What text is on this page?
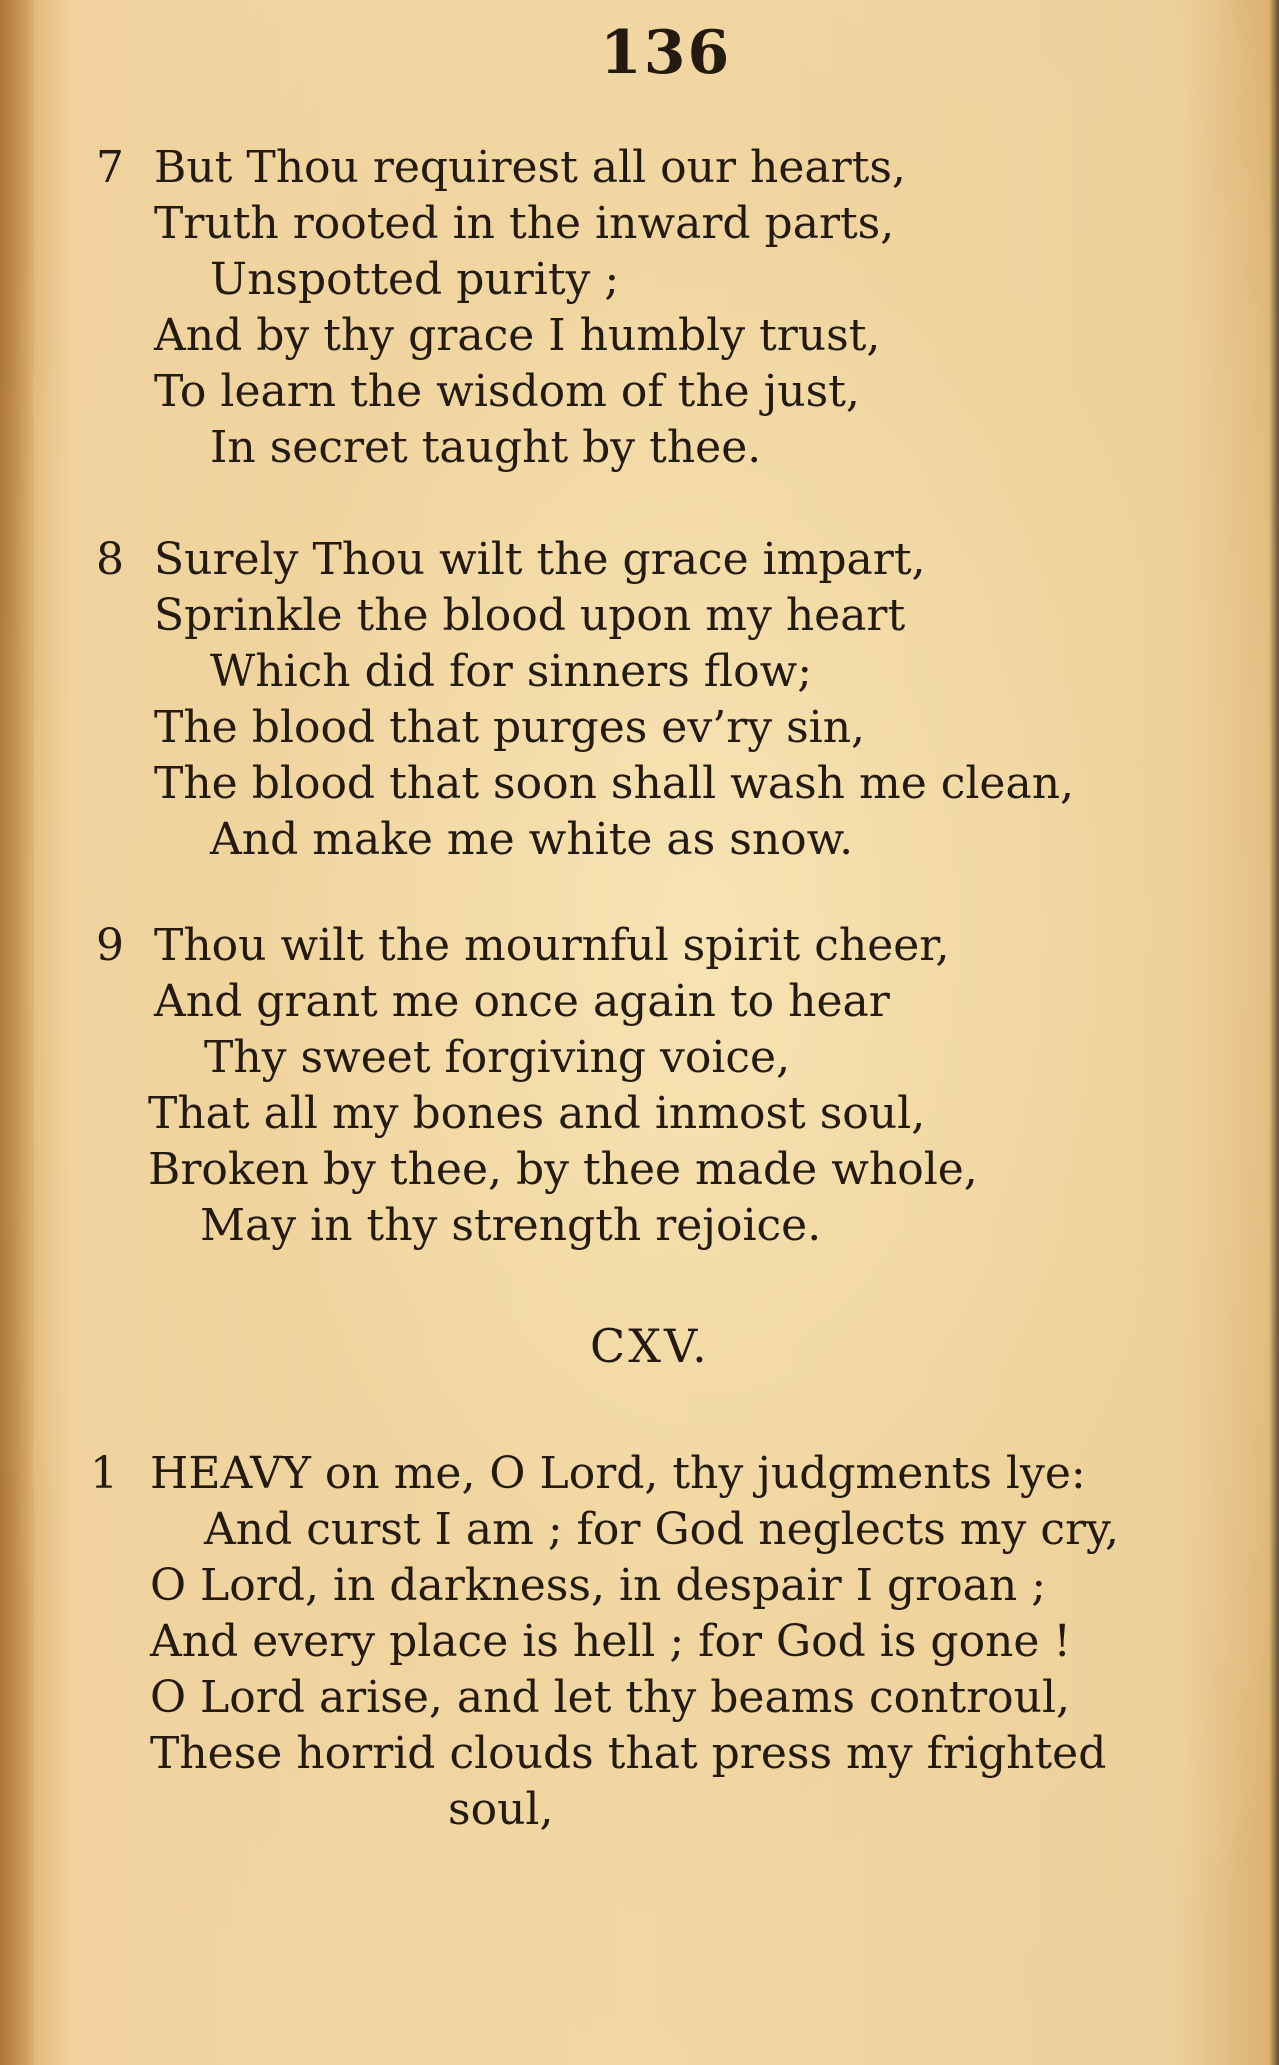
136
7 But Thou requirest all our hearts,
Truth rooted in the inward parts,
Unspotted purity ;
And by thy grace I humbly trust,
To learn the wisdom of the just,
In secret taught by thee.
8 Surely Thou wilt the grace impart,
Sprinkle the blood upon my heart
Which did for sinners flow;
The blood that purges ev’ry sin,
The blood that soon shall wash me clean,
And make me white as snow.
9 Thou wilt the mournful spirit cheer,
And grant me once again to hear
Thy sweet forgiving voice,
That all my bones and inmost soul,
Broken by thee, by thee made whole,
May in thy strength rejoice.
CXV.
1 HEAVY on me, O Lord, thy judgments lye:
And curst I am ; for God neglects my cry,
O Lord, in darkness, in despair I groan ;
And every place is hell ; for God is gone !
O Lord arise, and let thy beams controul,
These horrid clouds that press my frighted
soul,
